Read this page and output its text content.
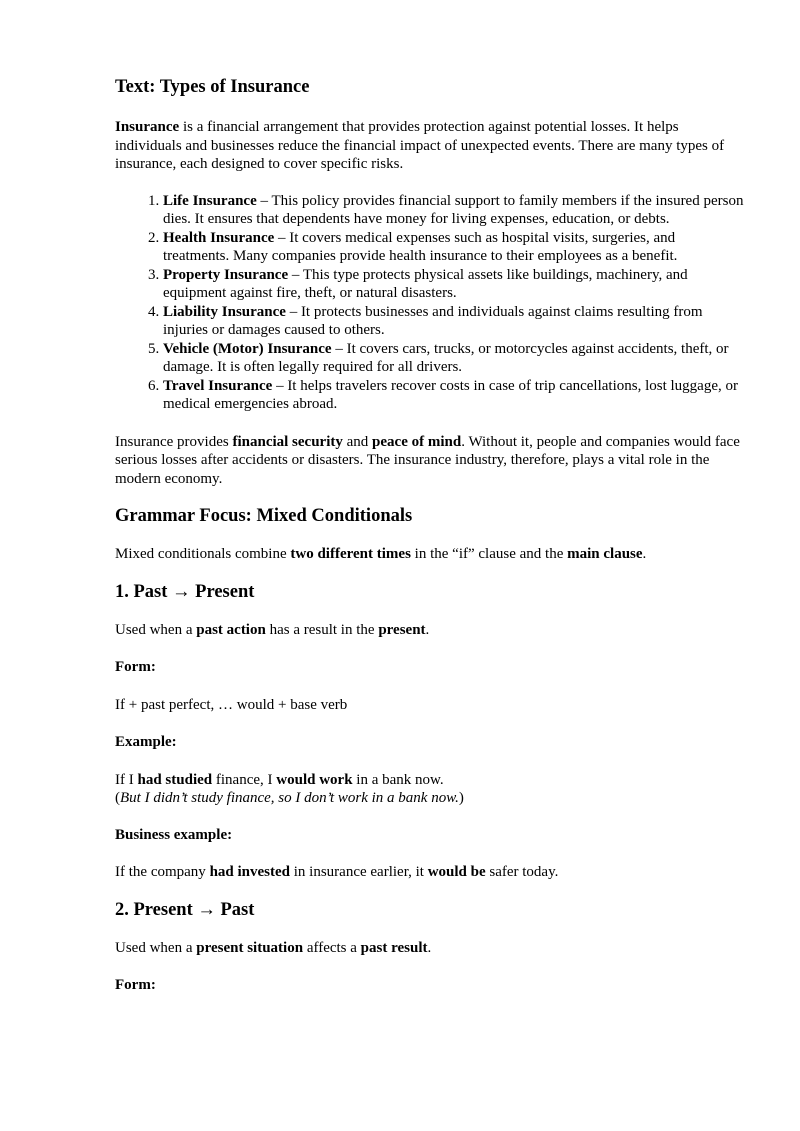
Text: Types of Insurance

Insurance is a financial arrangement that provides protection against potential losses. It helps individuals and businesses reduce the financial impact of unexpected events. There are many types of insurance, each designed to cover specific risks.

1. Life Insurance – This policy provides financial support to family members if the insured person dies. It ensures that dependents have money for living expenses, education, or debts.
2. Health Insurance – It covers medical expenses such as hospital visits, surgeries, and treatments. Many companies provide health insurance to their employees as a benefit.
3. Property Insurance – This type protects physical assets like buildings, machinery, and equipment against fire, theft, or natural disasters.
4. Liability Insurance – It protects businesses and individuals against claims resulting from injuries or damages caused to others.
5. Vehicle (Motor) Insurance – It covers cars, trucks, or motorcycles against accidents, theft, or damage. It is often legally required for all drivers.
6. Travel Insurance – It helps travelers recover costs in case of trip cancellations, lost luggage, or medical emergencies abroad.

Insurance provides financial security and peace of mind. Without it, people and companies would face serious losses after accidents or disasters. The insurance industry, therefore, plays a vital role in the modern economy.

Grammar Focus: Mixed Conditionals

Mixed conditionals combine two different times in the “if” clause and the main clause.

1. Past → Present

Used when a past action has a result in the present.

Form:

If + past perfect, … would + base verb

Example:

If I had studied finance, I would work in a bank now.

(But I didn’t study finance, so I don’t work in a bank now.)

Business example:

If the company had invested in insurance earlier, it would be safer today.

2. Present → Past

Used when a present situation affects a past result.

Form:
